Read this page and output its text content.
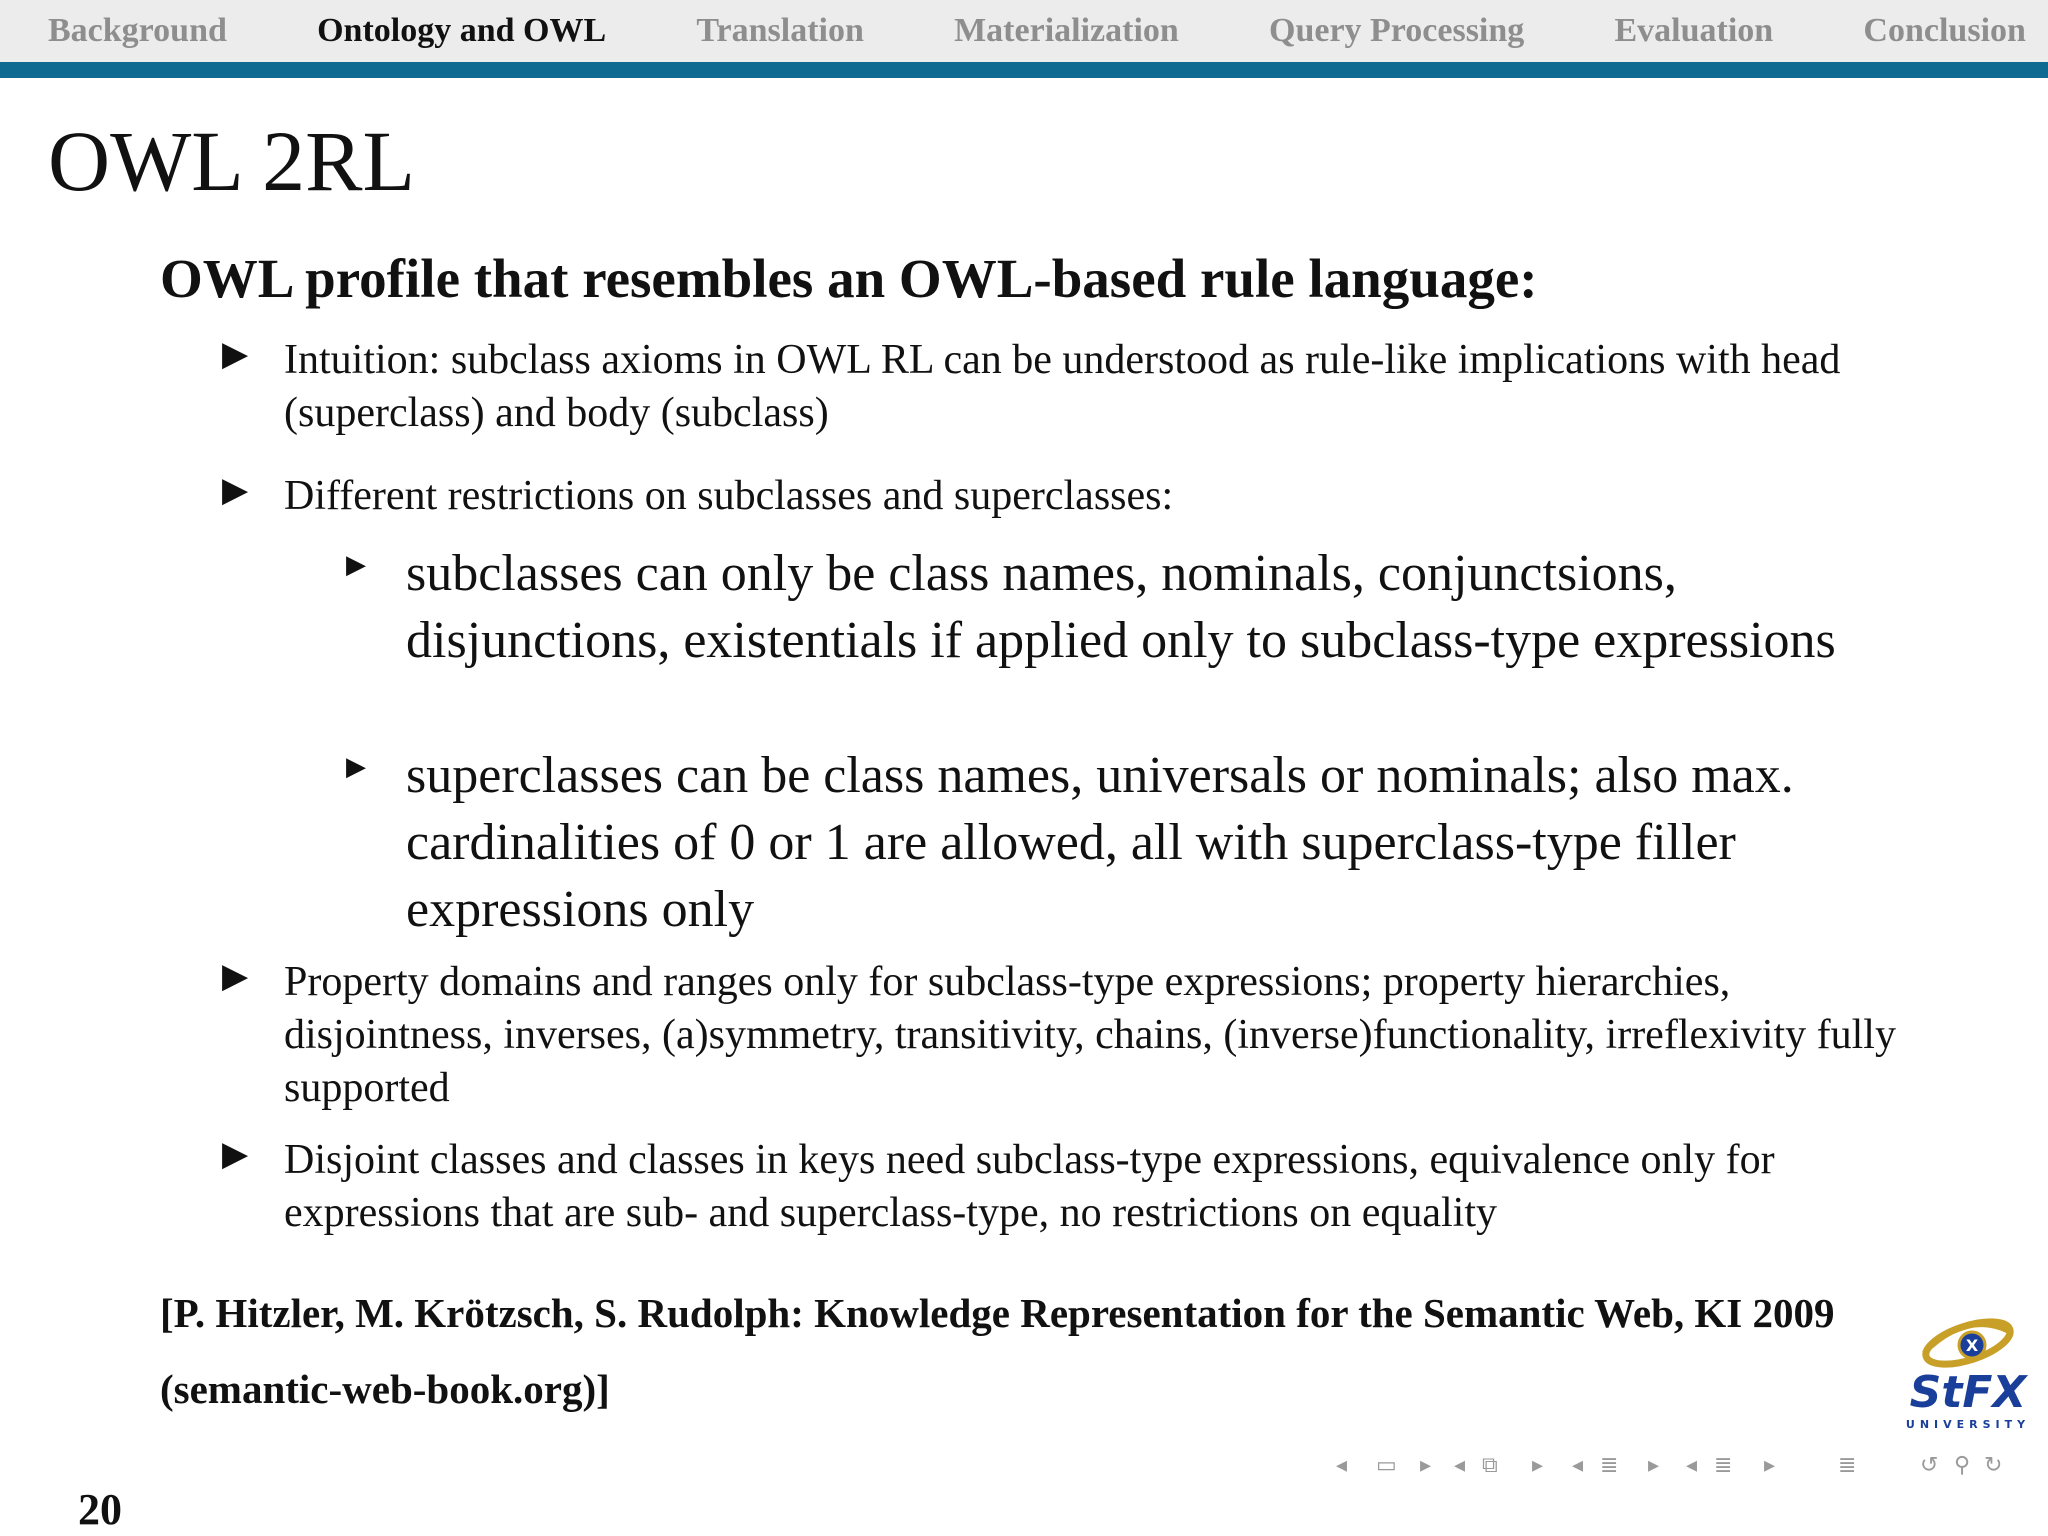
Background	Ontology and OWL	Translation	Materialization	Query Processing	Evaluation	Conclusion
OWL 2RL
OWL profile that resembles an OWL-based rule language:
▶ Intuition: subclass axioms in OWL RL can be understood as rule-like implications with head (superclass) and body (subclass)
▶ Different restrictions on subclasses and superclasses:
▶ subclasses can only be class names, nominals, conjunctsions, disjunctions, existentials if applied only to subclass-type expressions
▶ superclasses can be class names, universals or nominals; also max. cardinalities of 0 or 1 are allowed, all with superclass-type filler expressions only
▶ Property domains and ranges only for subclass-type expressions; property hierarchies, disjointness, inverses, (a)symmetry, transitivity, chains, (inverse)functionality, irreflexivity fully supported
▶ Disjoint classes and classes in keys need subclass-type expressions, equivalence only for expressions that are sub- and superclass-type, no restrictions on equality

[P. Hitzler, M. Krötzsch, S. Rudolph: Knowledge Representation for the Semantic Web, KI 2009 (semantic-web-book.org)]

20
X
StFX
UNIVERSITY
◂ ▭ ▸ ◂ ⧉ ▸ ◂ ≣ ▸ ◂ ≣ ▸	≣	↺ ⚲ ↻
